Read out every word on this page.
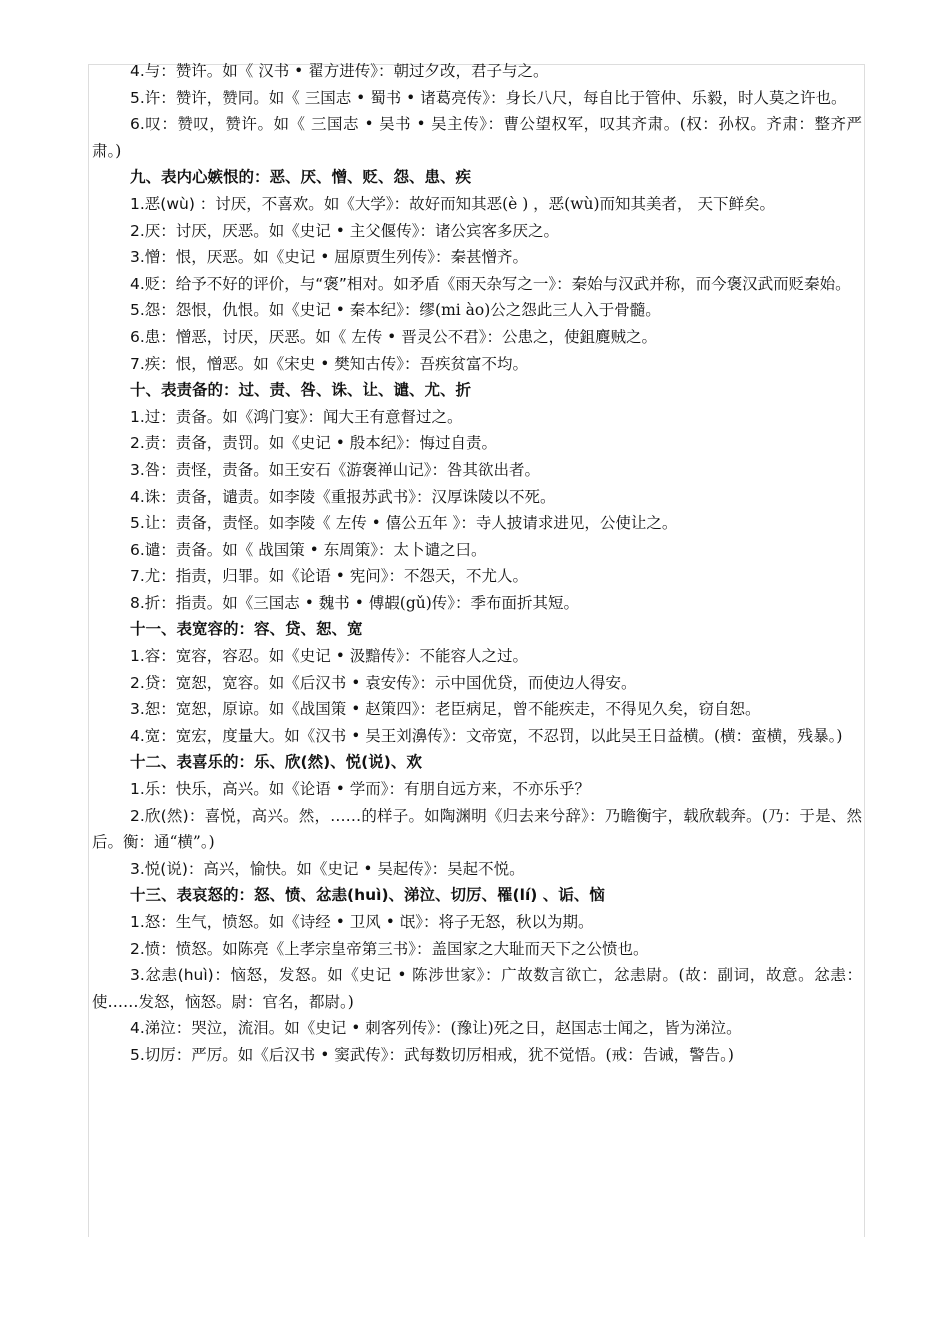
4.与：赞许。如《 汉书 • 翟方进传》：朝过夕改，君子与之。

5.许：赞许，赞同。如《 三国志 • 蜀书 • 诸葛亮传》：身长八尺，每自比于管仲、乐毅，时人莫之许也。

6.叹：赞叹，赞许。如《 三国志 • 吴书 • 吴主传》：曹公望权军，叹其齐肃。(权：孙权。齐肃：整齐严肃。)

九、表内心嫉恨的：恶、厌、憎、贬、怨、患、疾

1.恶(wù) ：讨厌，不喜欢。如《大学》：故好而知其恶(è ) ，恶(wù)而知其美者， 天下鲜矣。

2.厌：讨厌，厌恶。如《史记 • 主父偃传》：诸公宾客多厌之。

3.憎：恨，厌恶。如《史记 • 屈原贾生列传》：秦甚憎齐。

4.贬：给予不好的评价，与“褒”相对。如矛盾《雨天杂写之一》：秦始与汉武并称，而今褒汉武而贬秦始。

5.怨：怨恨，仇恨。如《史记 • 秦本纪》：缪(mi ào)公之怨此三人入于骨髓。

6.患：憎恶，讨厌，厌恶。如《 左传 • 晋灵公不君》：公患之，使鉏麑贼之。

7.疾：恨，憎恶。如《宋史 • 樊知古传》：吾疾贫富不均。

十、表责备的：过、责、咎、诛、让、谴、尤、折

1.过：责备。如《鸿门宴》：闻大王有意督过之。

2.责：责备，责罚。如《史记 • 殷本纪》：悔过自责。

3.咎：责怪，责备。如王安石《游褒禅山记》：咎其欲出者。

4.诛：责备，谴责。如李陵《重报苏武书》：汉厚诛陵以不死。

5.让：责备，责怪。如李陵《 左传 • 僖公五年 》：寺人披请求进见，公使让之。

6.谴：责备。如《 战国策 • 东周策》：太卜谴之曰。

7.尤：指责，归罪。如《论语 • 宪问》：不怨天，不尤人。

8.折：指责。如《三国志 • 魏书 • 傅嘏(gǔ)传》：季布面折其短。

十一、表宽容的：容、贷、恕、宽

1.容：宽容，容忍。如《史记 • 汲黯传》：不能容人之过。

2.贷：宽恕，宽容。如《后汉书 • 袁安传》：示中国优贷，而使边人得安。

3.恕：宽恕，原谅。如《战国策 • 赵策四》：老臣病足，曾不能疾走，不得见久矣，窃自恕。

4.宽：宽宏，度量大。如《汉书 • 吴王刘濞传》：文帝宽，不忍罚，以此吴王日益横。(横：蛮横，残暴。)

十二、表喜乐的：乐、欣(然)、悦(说)、欢

1.乐：快乐，高兴。如《论语 • 学而》：有朋自远方来，不亦乐乎？

2.欣(然)：喜悦，高兴。然，……的样子。如陶渊明《归去来兮辞》：乃瞻衡宇，载欣载奔。(乃：于是、然后。衡：通“横”。)

3.悦(说)：高兴，愉快。如《史记 • 吴起传》：吴起不悦。

十三、表哀怒的：怒、愤、忿恚(huì)、涕泣、切厉、罹(lí) 、诟、恼

1.怒：生气，愤怒。如《诗经 • 卫风 • 氓》：将子无怒，秋以为期。

2.愤：愤怒。如陈亮《上孝宗皇帝第三书》：盖国家之大耻而天下之公愤也。

3.忿恚(huì)：恼怒，发怒。如《史记 • 陈涉世家》：广故数言欲亡，忿恚尉。(故：副词，故意。忿恚：使……发怒，恼怒。尉：官名，都尉。)

4.涕泣：哭泣，流泪。如《史记 • 刺客列传》：(豫让)死之日，赵国志士闻之，皆为涕泣。

5.切厉：严厉。如《后汉书 • 窦武传》：武每数切厉相戒，犹不觉悟。(戒：告诫，警告。)
